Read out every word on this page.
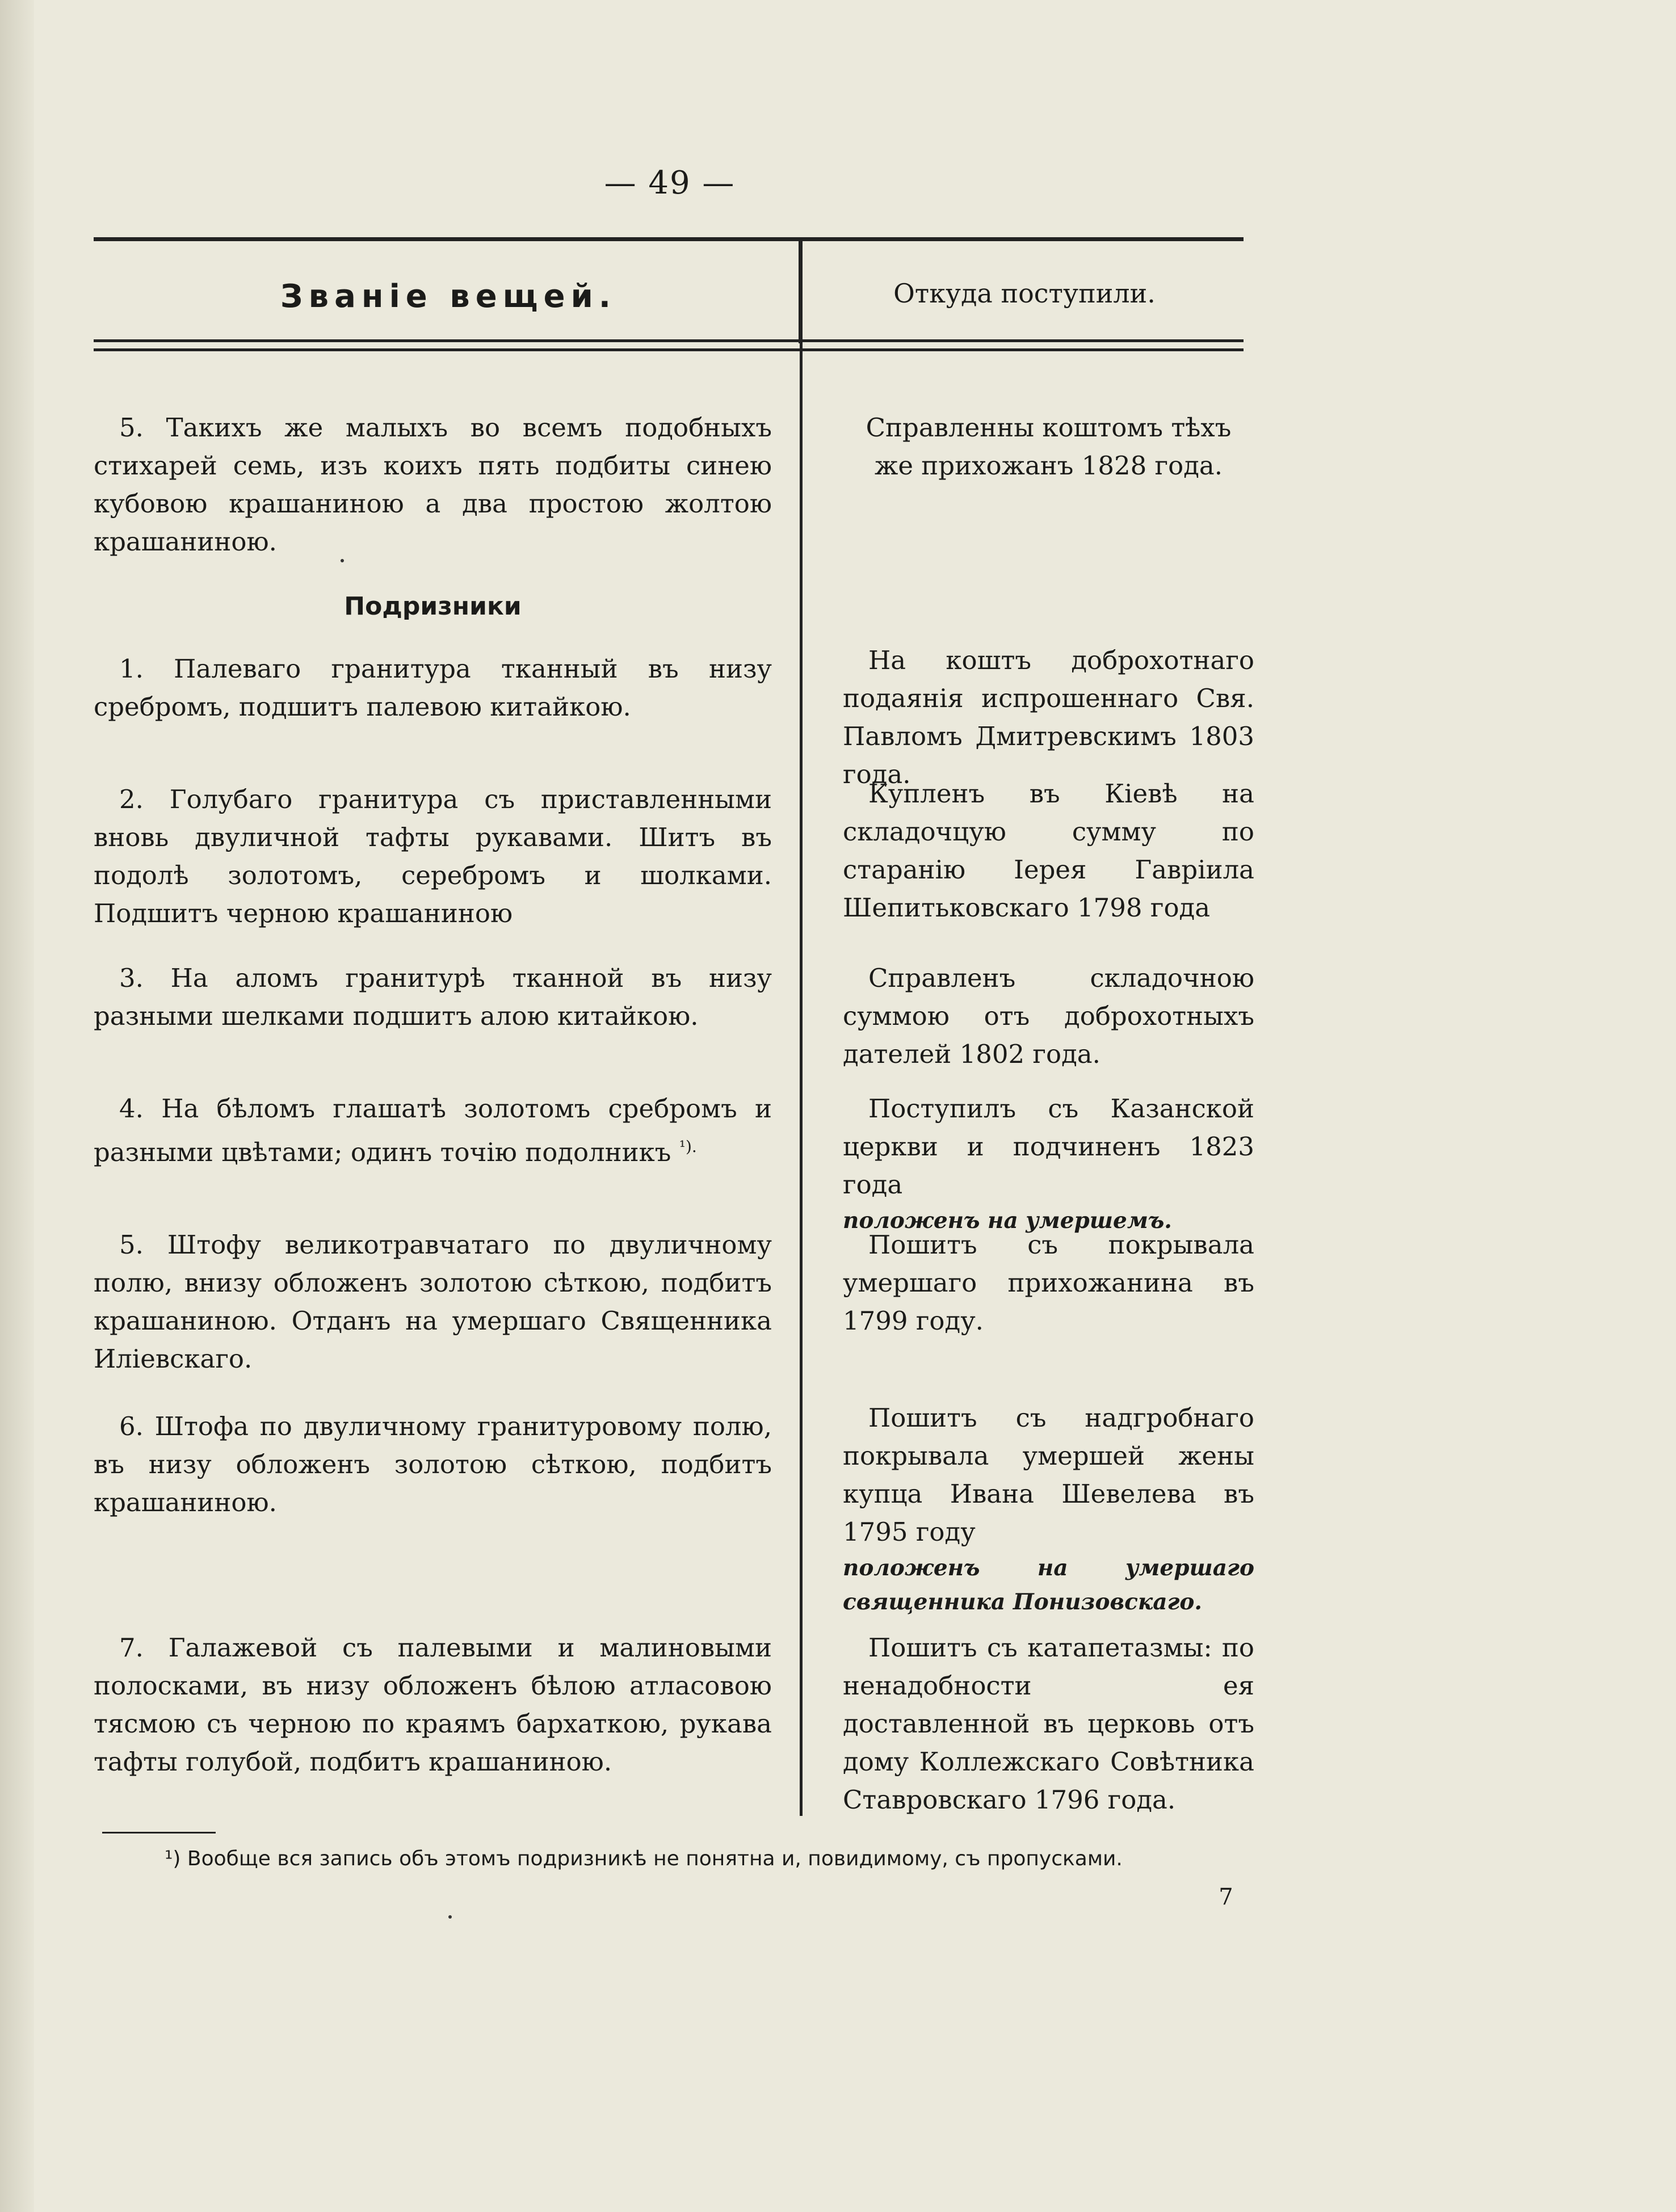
— 49 —
Званіе вещей.	Откуда поступили.

5. Такихъ же малыхъ во всемъ подобныхъ стихарей семь, изъ коихъ пять подбиты синею кубовою крашаниною а два простою жолтою крашаниною.

Подризники

1. Палеваго гранитура тканный въ низу сребромъ, подшитъ палевою китайкою.

2. Голубаго гранитура съ приставленными вновь двуличной тафты рукавами. Шитъ въ подолѣ золотомъ, серебромъ и шолками. Подшитъ черною крашаниною

3. На аломъ гранитурѣ тканной въ низу разными шелками подшитъ алою китайкою.

4. На бѣломъ глашатѣ золотомъ сребромъ и разными цвѣтами; одинъ точію подолникъ $^{^1).}$

5. Штофу великотравчатаго по двуличному полю, внизу обложенъ золотою сѣткою, подбитъ крашаниною. Отданъ на умершаго Священника Иліевскаго.

6. Штофа по двуличному гранитуровому полю, въ низу обложенъ золотою сѣткою, подбитъ крашаниною.

7. Галажевой съ палевыми и малиновыми полосками, въ низу обложенъ бѣлою атласовою тясмою съ черною по краямъ бархаткою, рукава тафты голубой, подбитъ крашаниною.

Справленны коштомъ тѣхъ же прихожанъ 1828 года.

На коштъ доброхотнаго подаянія испрошеннаго Свя. Павломъ Дмитревскимъ 1803 года.

Купленъ въ Кіевѣ на складочцую сумму по старанію Іерея Гавріила Шепитьковскаго 1798 года

Справленъ складочною суммою отъ доброхотныхъ дателей 1802 года.

Поступилъ съ Казанской церкви и подчиненъ 1823 года
положенъ на умершемъ.

Пошитъ съ покрывала умершаго прихожанина въ 1799 году.

Пошитъ съ надгробнаго покрывала умершей жены купца Ивана Шевелева въ 1795 году
положенъ на умершаго священника Понизовскаго.

Пошитъ съ катапетазмы: по ненадобности ея доставленной въ церковь отъ дому Коллежскаго Совѣтника Ставровскаго 1796 года.

¹) Вообще вся запись объ этомъ подризникѣ не понятна и, повидимому, съ пропусками.
7
